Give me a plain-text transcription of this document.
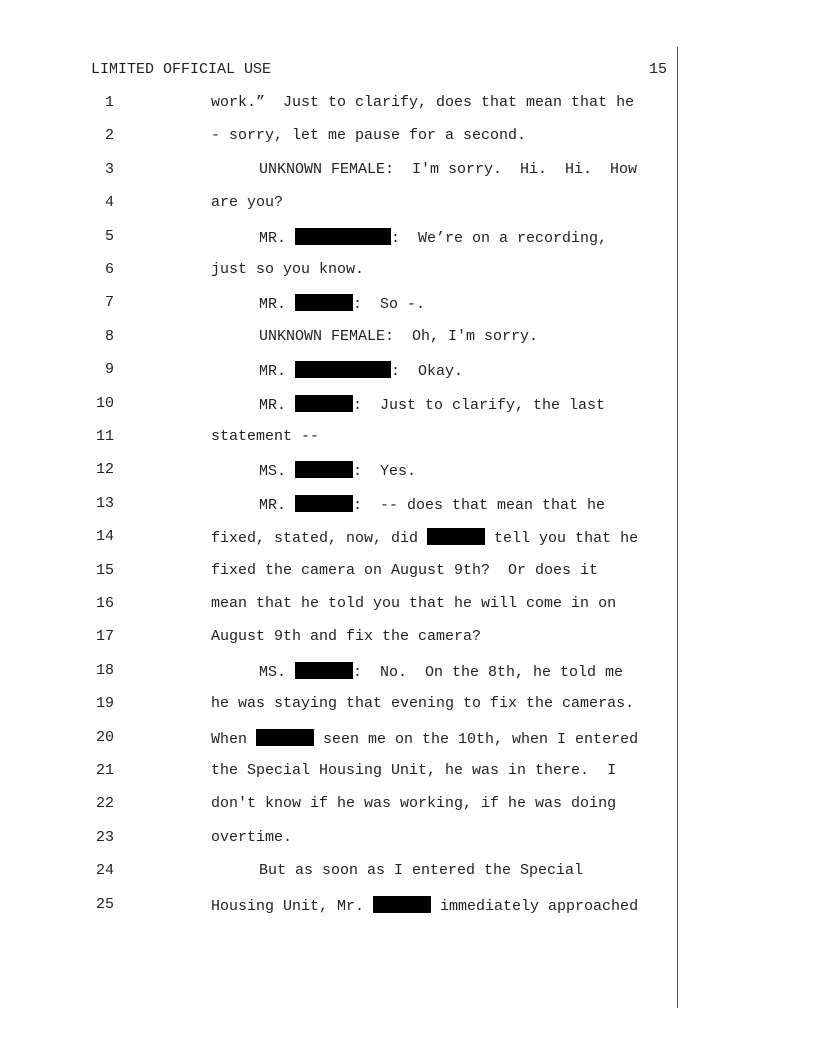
LIMITED OFFICIAL USE	15
1	work.”  Just to clarify, does that mean that he
2	- sorry, let me pause for a second.
3	UNKNOWN FEMALE:  I'm sorry.  Hi.  Hi.  How
4	are you?
5	MR.	:  We’re on a recording,
6	just so you know.
7	MR.	:  So -.
8	UNKNOWN FEMALE:  Oh, I'm sorry.
9	MR.	:  Okay.
10	MR.	:  Just to clarify, the last
11	statement --
12	MS.	:  Yes.
13	MR.	:  -- does that mean that he
14	fixed, stated, now, did	tell you that he
15	fixed the camera on August 9th?  Or does it
16	mean that he told you that he will come in on
17	August 9th and fix the camera?
18	MS.	:  No.  On the 8th, he told me
19	he was staying that evening to fix the cameras.
20	When	seen me on the 10th, when I entered
21	the Special Housing Unit, he was in there.  I
22	don't know if he was working, if he was doing
23	overtime.
24	But as soon as I entered the Special
25	Housing Unit, Mr.	immediately approached
